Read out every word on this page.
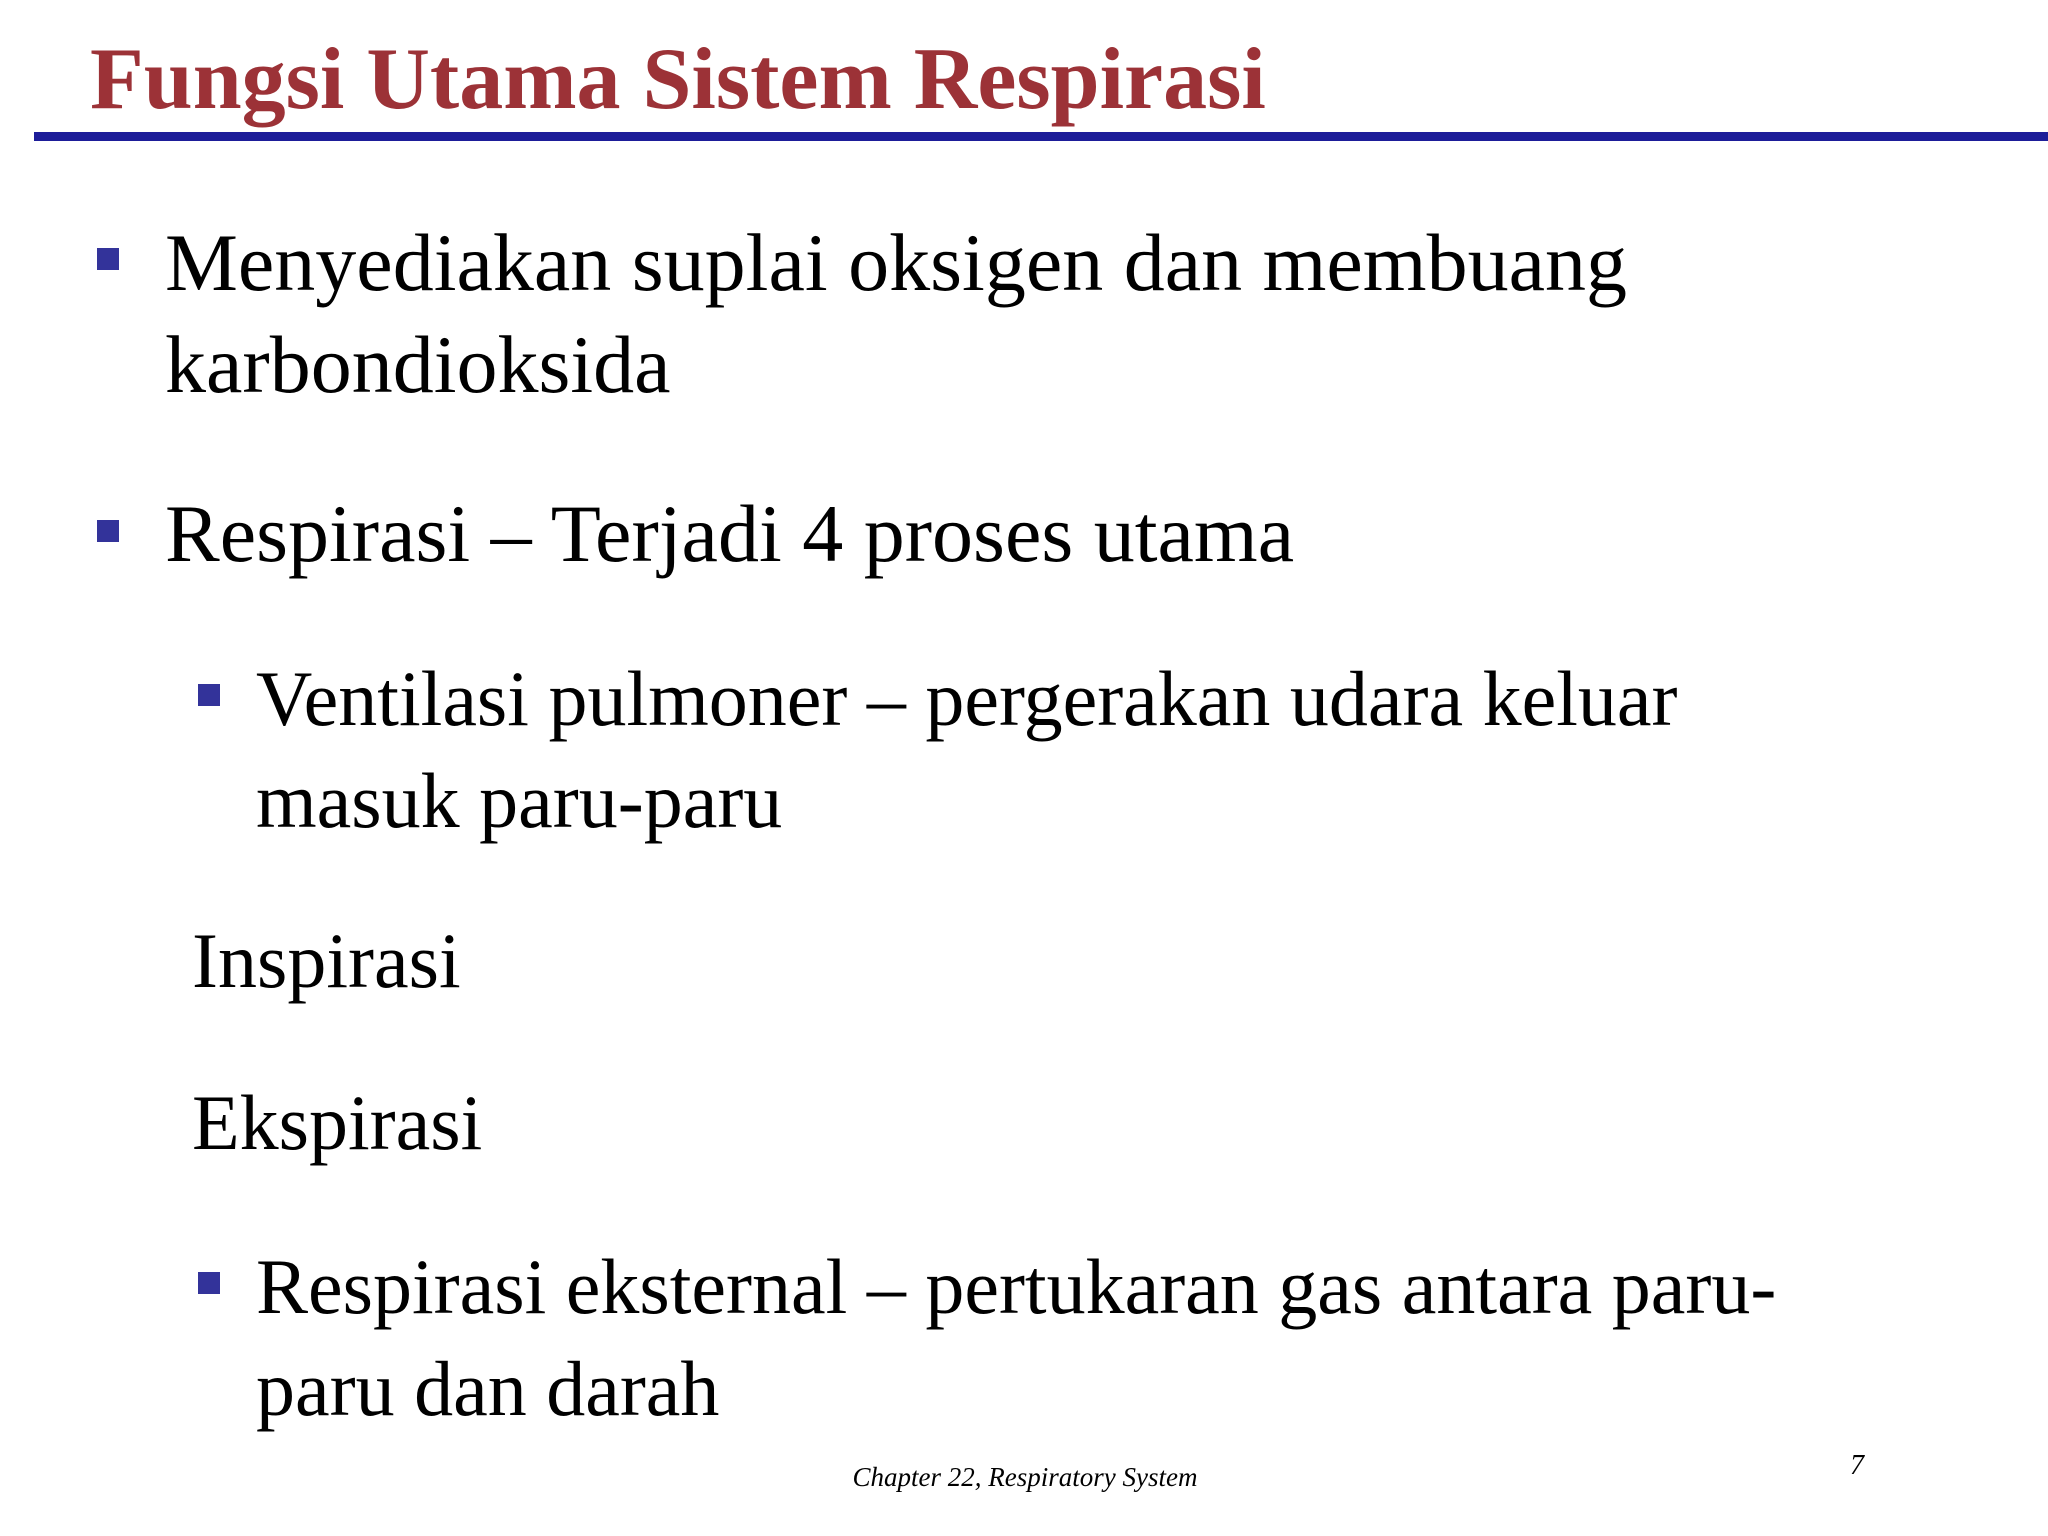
Fungsi Utama Sistem Respirasi
Menyediakan suplai oksigen dan membuang
karbondioksida
Respirasi – Terjadi 4 proses utama
Ventilasi pulmoner – pergerakan udara keluar
masuk paru-paru
Inspirasi
Ekspirasi
Respirasi eksternal – pertukaran gas antara paru-
paru dan darah
Chapter 22, Respiratory System	7
